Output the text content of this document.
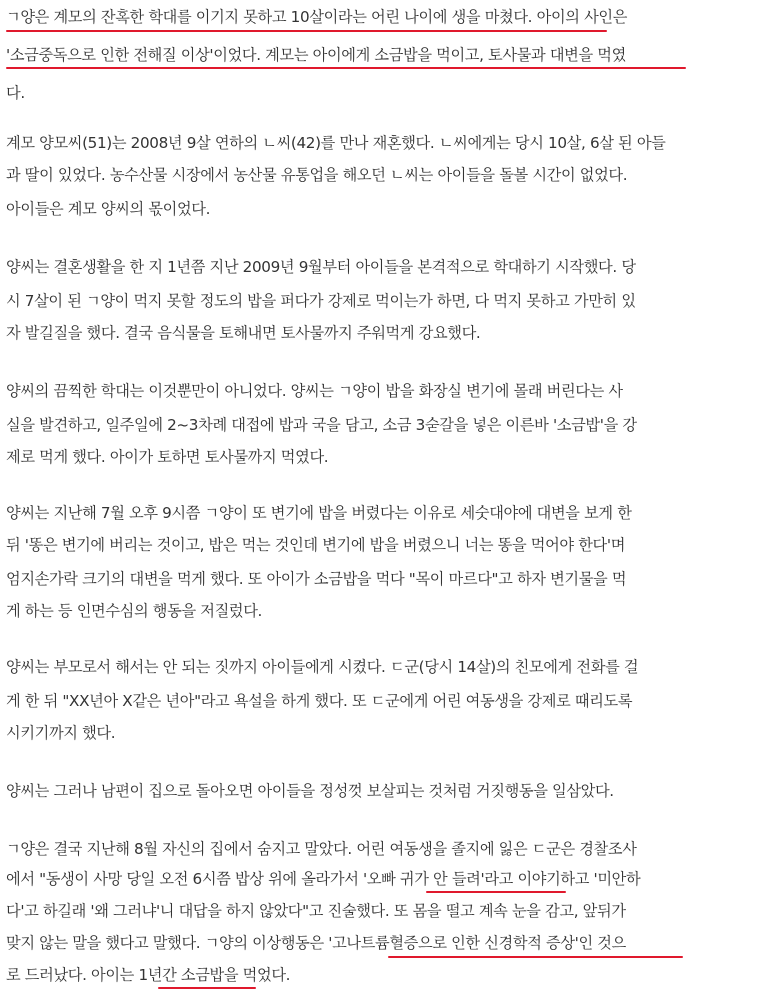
ㄱ양은 계모의 잔혹한 학대를 이기지 못하고 10살이라는 어린 나이에 생을 마쳤다. 아이의 사인은
'소금중독으로 인한 전해질 이상'이었다. 계모는 아이에게 소금밥을 먹이고, 토사물과 대변을 먹였
다.
계모 양모씨(51)는 2008년 9살 연하의 ㄴ씨(42)를 만나 재혼했다. ㄴ씨에게는 당시 10살, 6살 된 아들
과 딸이 있었다. 농수산물 시장에서 농산물 유통업을 해오던 ㄴ씨는 아이들을 돌볼 시간이 없었다.
아이들은 계모 양씨의 몫이었다.
양씨는 결혼생활을 한 지 1년쯤 지난 2009년 9월부터 아이들을 본격적으로 학대하기 시작했다. 당
시 7살이 된 ㄱ양이 먹지 못할 정도의 밥을 퍼다가 강제로 먹이는가 하면, 다 먹지 못하고 가만히 있
자 발길질을 했다. 결국 음식물을 토해내면 토사물까지 주워먹게 강요했다.
양씨의 끔찍한 학대는 이것뿐만이 아니었다. 양씨는 ㄱ양이 밥을 화장실 변기에 몰래 버린다는 사
실을 발견하고, 일주일에 2~3차례 대접에 밥과 국을 담고, 소금 3숟갈을 넣은 이른바 '소금밥'을 강
제로 먹게 했다. 아이가 토하면 토사물까지 먹였다.
양씨는 지난해 7월 오후 9시쯤 ㄱ양이 또 변기에 밥을 버렸다는 이유로 세숫대야에 대변을 보게 한
뒤 '똥은 변기에 버리는 것이고, 밥은 먹는 것인데 변기에 밥을 버렸으니 너는 똥을 먹어야 한다'며
엄지손가락 크기의 대변을 먹게 했다. 또 아이가 소금밥을 먹다 "목이 마르다"고 하자 변기물을 먹
게 하는 등 인면수심의 행동을 저질렀다.
양씨는 부모로서 해서는 안 되는 짓까지 아이들에게 시켰다. ㄷ군(당시 14살)의 친모에게 전화를 걸
게 한 뒤 "XX년아 X같은 년아"라고 욕설을 하게 했다. 또 ㄷ군에게 어린 여동생을 강제로 때리도록
시키기까지 했다.
양씨는 그러나 남편이 집으로 돌아오면 아이들을 정성껏 보살피는 것처럼 거짓행동을 일삼았다.
ㄱ양은 결국 지난해 8월 자신의 집에서 숨지고 말았다. 어린 여동생을 졸지에 잃은 ㄷ군은 경찰조사
에서 "동생이 사망 당일 오전 6시쯤 밥상 위에 올라가서 '오빠 귀가 안 들려'라고 이야기하고 '미안하
다'고 하길래 '왜 그러냐'니 대답을 하지 않았다"고 진술했다. 또 몸을 떨고 계속 눈을 감고, 앞뒤가
맞지 않는 말을 했다고 말했다. ㄱ양의 이상행동은 '고나트륨혈증으로 인한 신경학적 증상'인 것으
로 드러났다. 아이는 1년간 소금밥을 먹었다.
